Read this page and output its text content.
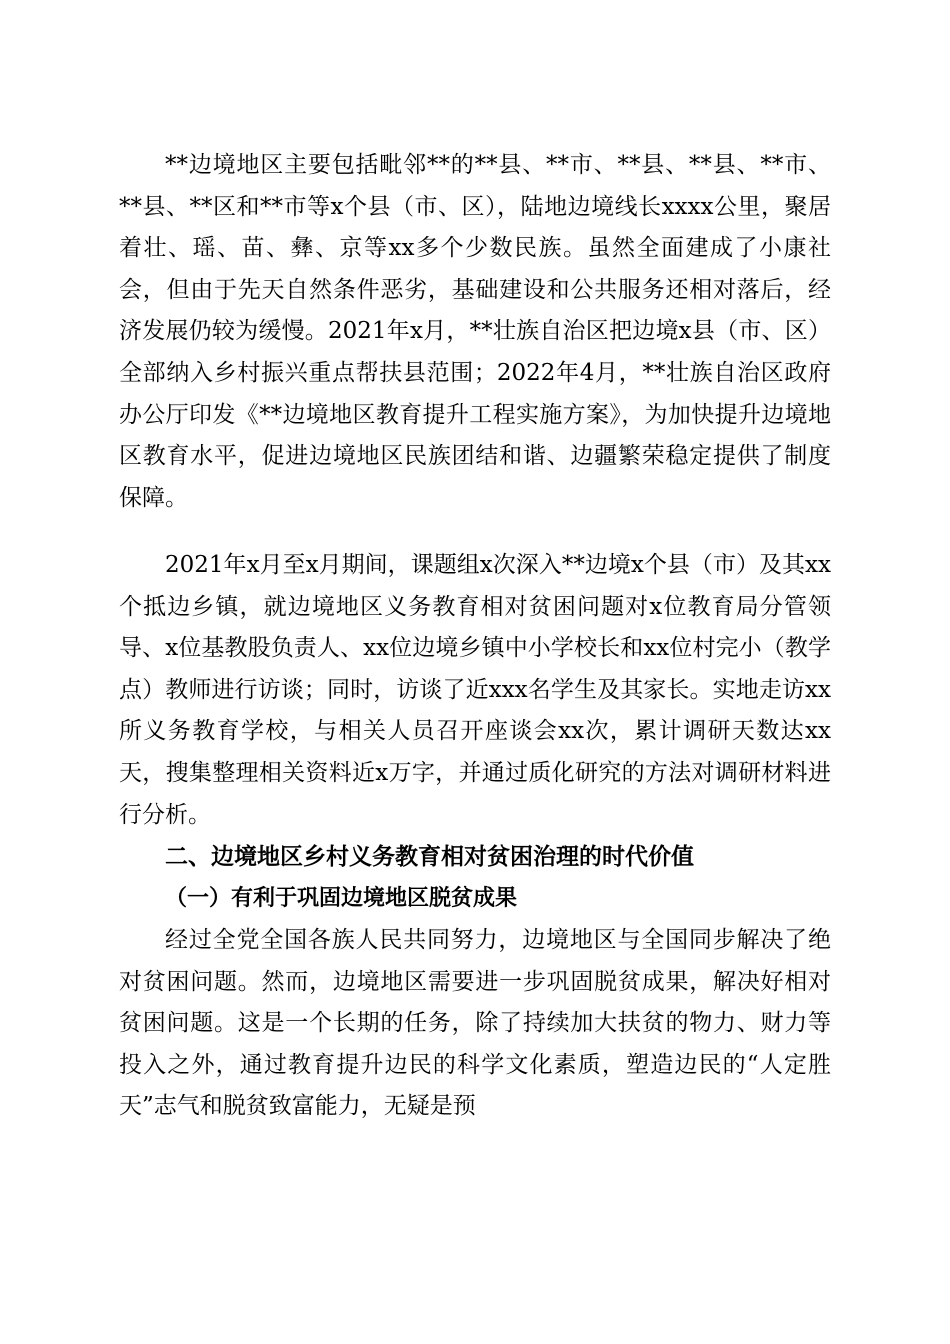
**边境地区主要包括毗邻**的**县、**市、**县、**县、**市、**县、**区和**市等x个县（市、区），陆地边境线长xxxx公里，聚居着壮、瑶、苗、彝、京等xx多个少数民族。虽然全面建成了小康社会，但由于先天自然条件恶劣，基础建设和公共服务还相对落后，经济发展仍较为缓慢。2021年x月，**壮族自治区把边境x县（市、区）全部纳入乡村振兴重点帮扶县范围；2022年4月，**壮族自治区政府办公厅印发《**边境地区教育提升工程实施方案》，为加快提升边境地区教育水平，促进边境地区民族团结和谐、边疆繁荣稳定提供了制度保障。

2021年x月至x月期间，课题组x次深入**边境x个县（市）及其xx个抵边乡镇，就边境地区义务教育相对贫困问题对x位教育局分管领导、x位基教股负责人、xx位边境乡镇中小学校长和xx位村完小（教学点）教师进行访谈；同时，访谈了近xxx名学生及其家长。实地走访xx所义务教育学校，与相关人员召开座谈会xx次，累计调研天数达xx天，搜集整理相关资料近x万字，并通过质化研究的方法对调研材料进行分析。

二、边境地区乡村义务教育相对贫困治理的时代价值

（一）有利于巩固边境地区脱贫成果

经过全党全国各族人民共同努力，边境地区与全国同步解决了绝对贫困问题。然而，边境地区需要进一步巩固脱贫成果，解决好相对贫困问题。这是一个长期的任务，除了持续加大扶贫的物力、财力等投入之外，通过教育提升边民的科学文化素质，塑造边民的“人定胜天”志气和脱贫致富能力，无疑是预
